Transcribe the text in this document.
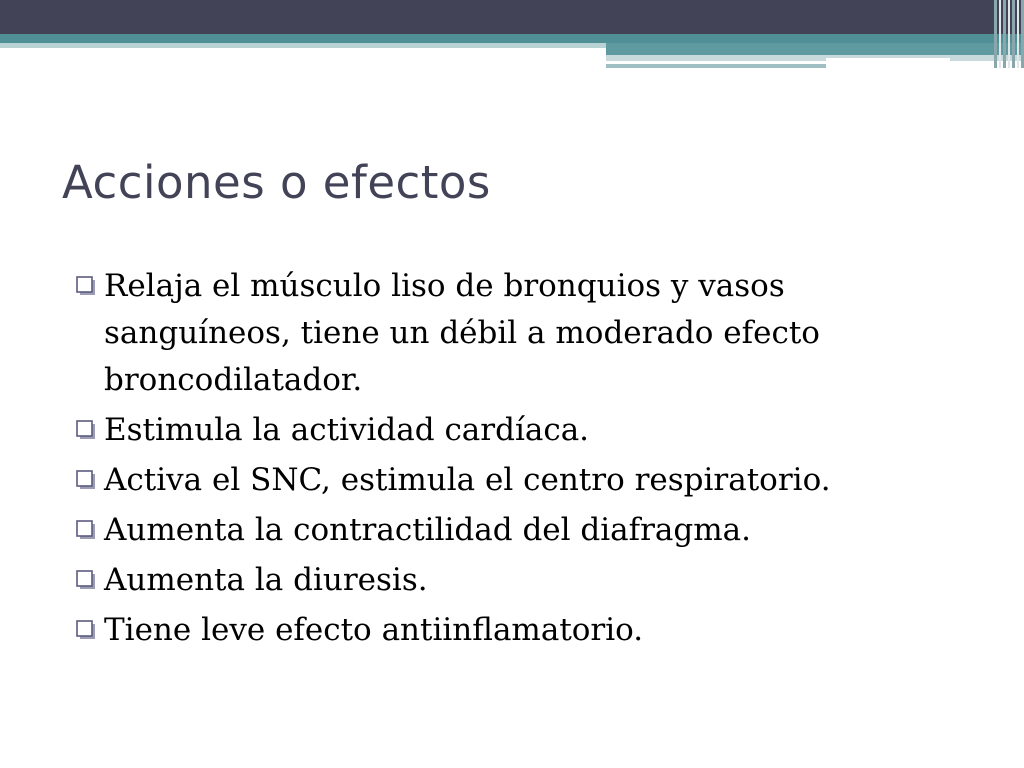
Acciones o efectos
Relaja el músculo liso de bronquios y vasos sanguíneos, tiene un débil a moderado efecto broncodilatador.
Estimula la actividad cardíaca.
Activa el SNC, estimula el centro respiratorio.
Aumenta la contractilidad del diafragma.
Aumenta la diuresis.
Tiene leve efecto antiinflamatorio.
